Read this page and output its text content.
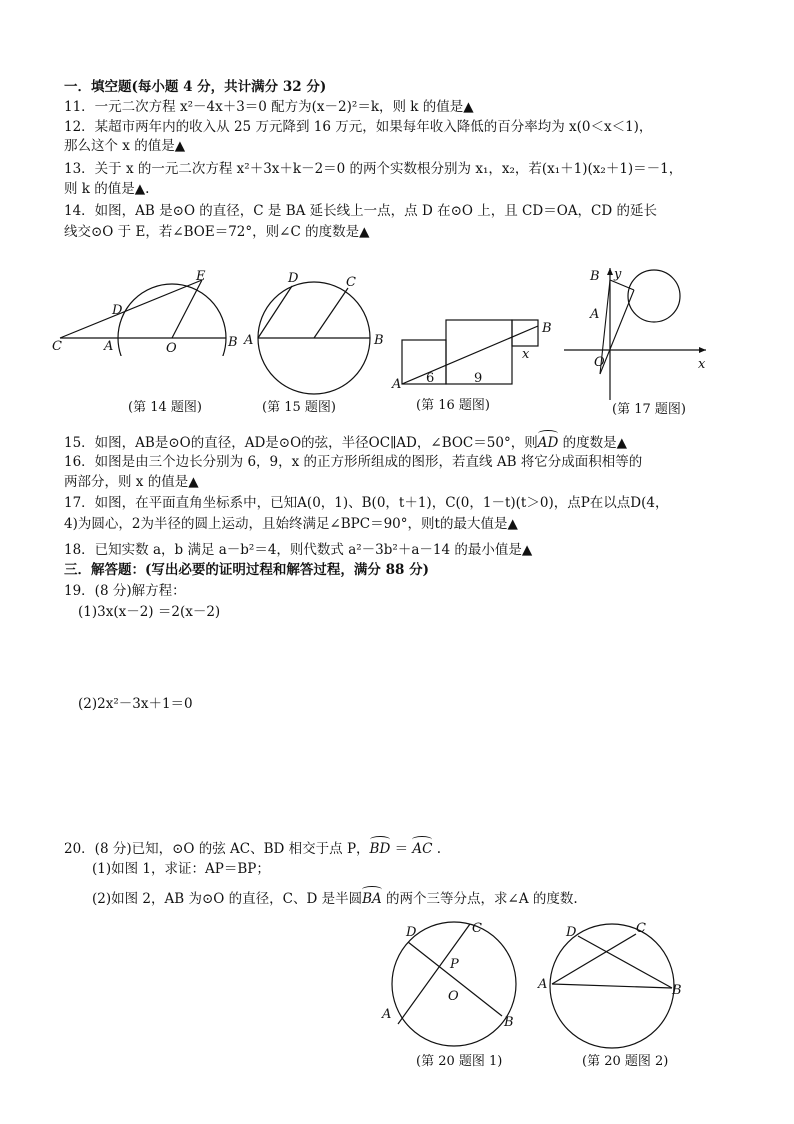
一．填空题(每小题 4 分，共计满分 32 分)
11．一元二次方程 x²－4x＋3＝0 配方为(x－2)²＝k，则 k 的值是▲
12．某超市两年内的收入从 25 万元降到 16 万元，如果每年收入降低的百分率均为 x(0＜x＜1)，
那么这个 x 的值是▲
13．关于 x 的一元二次方程 x²＋3x＋k－2＝0 的两个实数根分别为 x₁，x₂，若(x₁＋1)(x₂＋1)＝－1，
则 k 的值是▲.
14．如图，AB 是⊙O 的直径，C 是 BA 延长线上一点，点 D 在⊙O 上，且 CD＝OA，CD 的延长
线交⊙O 于 E，若∠BOE＝72°，则∠C 的度数是▲
C	A	O	B
D
E
(第 14 题图)
A	B
C
D
(第 15 题图)
A
B
x
6	9
(第 16 题图)
y
x
O
A
B
(第 17 题图)
15．如图，AB是⊙O的直径，AD是⊙O的弦，半径OC∥AD，∠BOC＝50°，则AD 的度数是▲
16．如图是由三个边长分别为 6，9，x 的正方形所组成的图形，若直线 AB 将它分成面积相等的
两部分，则 x 的值是▲
17．如图，在平面直角坐标系中，已知A(0，1)、B(0，t＋1)，C(0，1－t)(t＞0)，点P在以点D(4，
4)为圆心，2为半径的圆上运动，且始终满足∠BPC＝90°，则t的最大值是▲
18．已知实数 a，b 满足 a－b²＝4，则代数式 a²－3b²＋a－14 的最小值是▲
三．解答题：(写出必要的证明过程和解答过程，满分 88 分)
19．(8 分)解方程：
(1)3x(x－2) ＝2(x－2)
(2)2x²－3x＋1＝0
20．(8 分)已知，⊙O 的弦 AC、BD 相交于点 P，BD ＝ AC .
(1)如图 1，求证：AP＝BP；
(2)如图 2，AB 为⊙O 的直径，C、D 是半圆BA 的两个三等分点，求∠A 的度数.
D	C
P
O
A
B
(第 20 题图 1)
D	C
A	B
(第 20 题图 2)
